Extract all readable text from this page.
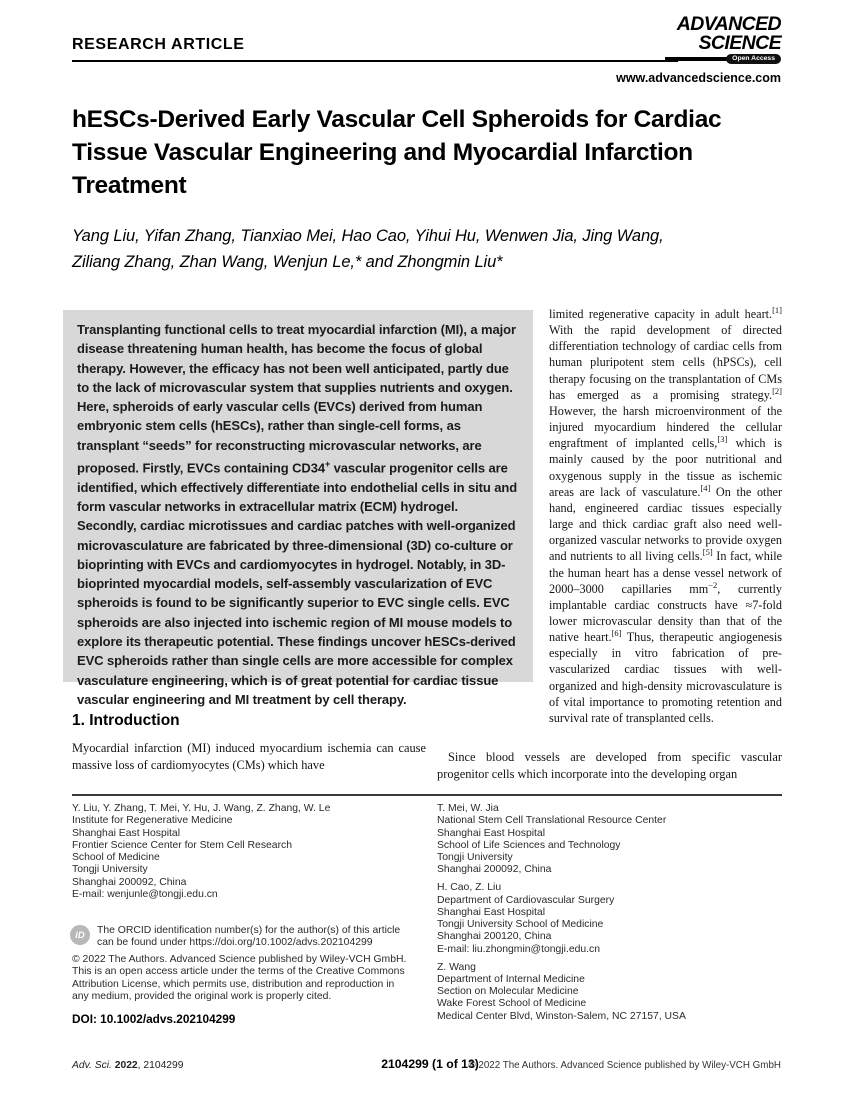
RESEARCH ARTICLE
ADVANCED
SCIENCE
Open Access
www.advancedscience.com
hESCs-Derived Early Vascular Cell Spheroids for Cardiac
Tissue Vascular Engineering and Myocardial Infarction
Treatment
Yang Liu, Yifan Zhang, Tianxiao Mei, Hao Cao, Yihui Hu, Wenwen Jia, Jing Wang,
Ziliang Zhang, Zhan Wang, Wenjun Le,* and Zhongmin Liu*
Transplanting functional cells to treat myocardial infarction (MI), a major disease threatening human health, has become the focus of global therapy. However, the efficacy has not been well anticipated, partly due to the lack of microvascular system that supplies nutrients and oxygen. Here, spheroids of early vascular cells (EVCs) derived from human embryonic stem cells (hESCs), rather than single-cell forms, as transplant “seeds” for reconstructing microvascular networks, are proposed. Firstly, EVCs containing CD34+ vascular progenitor cells are identified, which effectively differentiate into endothelial cells in situ and form vascular networks in extracellular matrix (ECM) hydrogel. Secondly, cardiac microtissues and cardiac patches with well-organized microvasculature are fabricated by three-dimensional (3D) co-culture or bioprinting with EVCs and cardiomyocytes in hydrogel. Notably, in 3D-bioprinted myocardial models, self-assembly vascularization of EVC spheroids is found to be significantly superior to EVC single cells. EVC spheroids are also injected into ischemic region of MI mouse models to explore its therapeutic potential. These findings uncover hESCs-derived EVC spheroids rather than single cells are more accessible for complex vasculature engineering, which is of great potential for cardiac tissue vascular engineering and MI treatment by cell therapy.
limited regenerative capacity in adult heart.[1] With the rapid development of directed differentiation technology of cardiac cells from human pluripotent stem cells (hPSCs), cell therapy focusing on the transplantation of CMs has emerged as a promising strategy.[2] However, the harsh microenvironment of the injured myocardium hindered the cellular engraftment of implanted cells,[3] which is mainly caused by the poor nutritional and oxygenous supply in the tissue as ischemic areas are lack of vasculature.[4] On the other hand, engineered cardiac tissues especially large and thick cardiac graft also need well-organized vascular networks to provide oxygen and nutrients to all living cells.[5] In fact, while the human heart has a dense vessel network of 2000–3000 capillaries $mm^{-2}$, currently implantable cardiac constructs have ≈7-fold lower microvascular density than that of the native heart.[6] Thus, therapeutic angiogenesis especially in vitro fabrication of pre-vascularized cardiac tissues with well-organized and high-density microvasculature is of vital importance to promoting retention and survival rate of transplanted cells.
1. Introduction
Myocardial infarction (MI) induced myocardium ischemia can cause massive loss of cardiomyocytes (CMs) which have
Since blood vessels are developed from specific vascular progenitor cells which incorporate into the developing organ
Y. Liu, Y. Zhang, T. Mei, Y. Hu, J. Wang, Z. Zhang, W. Le
Institute for Regenerative Medicine
Shanghai East Hospital
Frontier Science Center for Stem Cell Research
School of Medicine
Tongji University
Shanghai 200092, China
E-mail: wenjunle@tongji.edu.cn
iD	The ORCID identification number(s) for the author(s) of this article
can be found under https://doi.org/10.1002/advs.202104299
© 2022 The Authors. Advanced Science published by Wiley-VCH GmbH.
This is an open access article under the terms of the Creative Commons
Attribution License, which permits use, distribution and reproduction in
any medium, provided the original work is properly cited.
DOI: 10.1002/advs.202104299
T. Mei, W. Jia
National Stem Cell Translational Resource Center
Shanghai East Hospital
School of Life Sciences and Technology
Tongji University
Shanghai 200092, China
H. Cao, Z. Liu
Department of Cardiovascular Surgery
Shanghai East Hospital
Tongji University School of Medicine
Shanghai 200120, China
E-mail: liu.zhongmin@tongji.edu.cn
Z. Wang
Department of Internal Medicine
Section on Molecular Medicine
Wake Forest School of Medicine
Medical Center Blvd, Winston-Salem, NC 27157, USA
Adv. Sci. 2022, 2104299	2104299 (1 of 13)
© 2022 The Authors. Advanced Science published by Wiley-VCH GmbH
